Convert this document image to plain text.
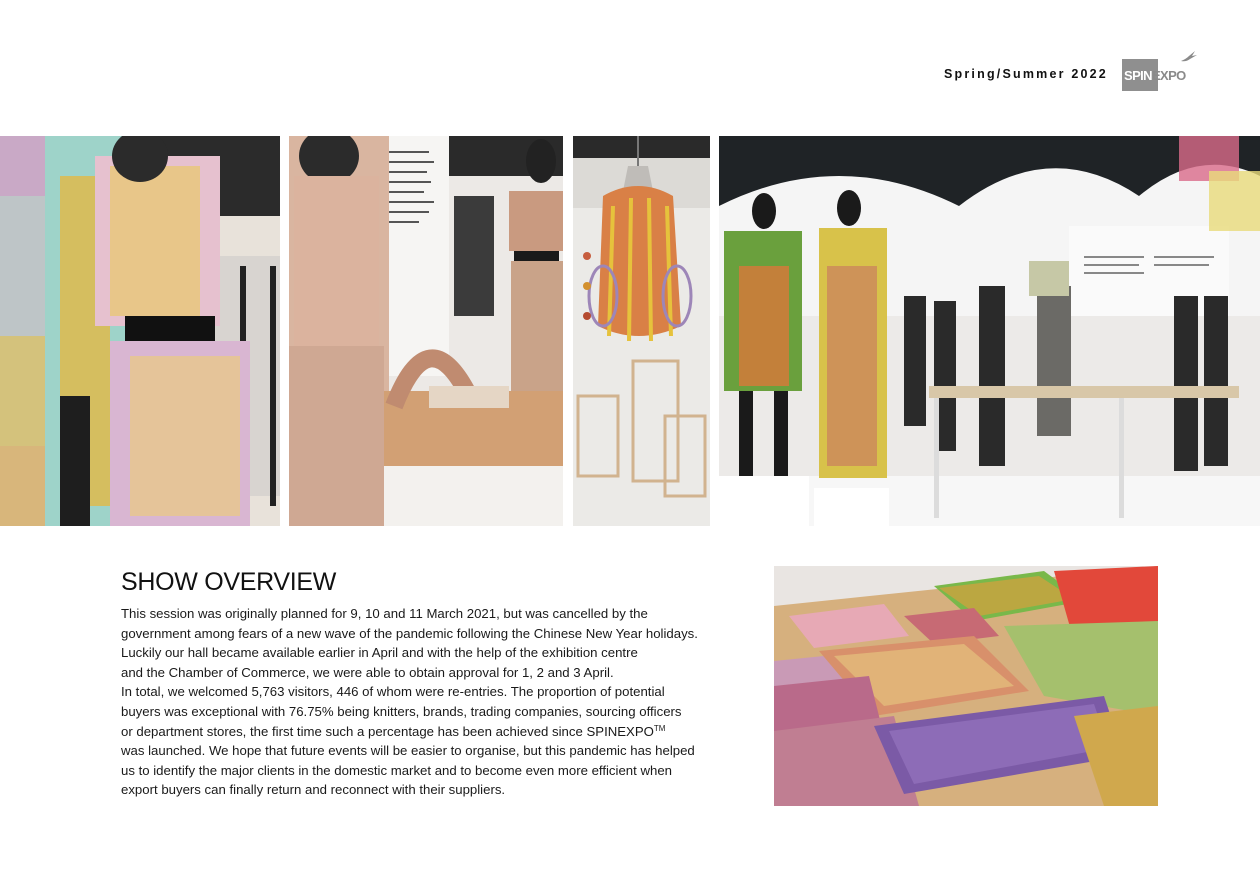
Spring/Summer 2022 SPINEXPO
SHOW OVERVIEW
This session was originally planned for 9, 10 and 11 March 2021, but was cancelled by the
government among fears of a new wave of the pandemic following the Chinese New Year holidays.
Luckily our hall became available earlier in April and with the help of the exhibition centre
and the Chamber of Commerce, we were able to obtain approval for 1, 2 and 3 April.
In total, we welcomed 5,763 visitors, 446 of whom were re-entries. The proportion of potential
buyers was exceptional with 76.75% being knitters, brands, trading companies, sourcing officers
or department stores, the first time such a percentage has been achieved since SPINEXPO™
was launched. We hope that future events will be easier to organise, but this pandemic has helped
us to identify the major clients in the domestic market and to become even more efficient when
export buyers can finally return and reconnect with their suppliers.
